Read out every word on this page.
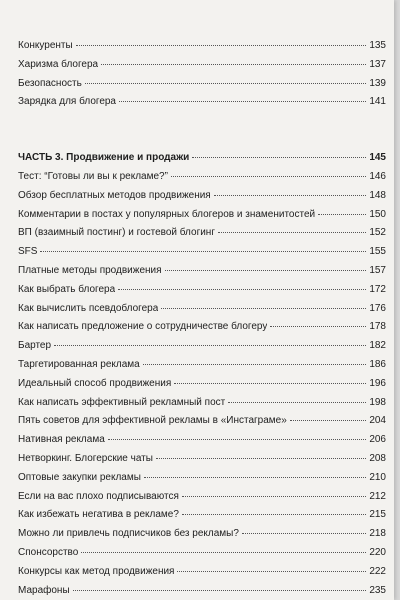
Конкуренты	135
Харизма блогера	137
Безопасность	139
Зарядка для блогера	141
ЧАСТЬ 3. Продвижение и продажи	145
Тест: “Готовы ли вы к рекламе?”	146
Обзор бесплатных методов продвижения	148
Комментарии в постах у популярных блогеров и знаменитостей	150
ВП (взаимный постинг) и гостевой блогинг	152
SFS	155
Платные методы продвижения	157
Как выбрать блогера	172
Как вычислить псевдоблогера	176
Как написать предложение о сотрудничестве блогеру	178
Бартер	182
Таргетированная реклама	186
Идеальный способ продвижения	196
Как написать эффективный рекламный пост	198
Пять советов для эффективной рекламы в «Инстаграме»	204
Нативная реклама	206
Нетворкинг. Блогерские чаты	208
Оптовые закупки рекламы	210
Если на вас плохо подписываются	212
Как избежать негатива в рекламе?	215
Можно ли привлечь подписчиков без рекламы?	218
Спонсорство	220
Конкурсы как метод продвижения	222
Марафоны	235
